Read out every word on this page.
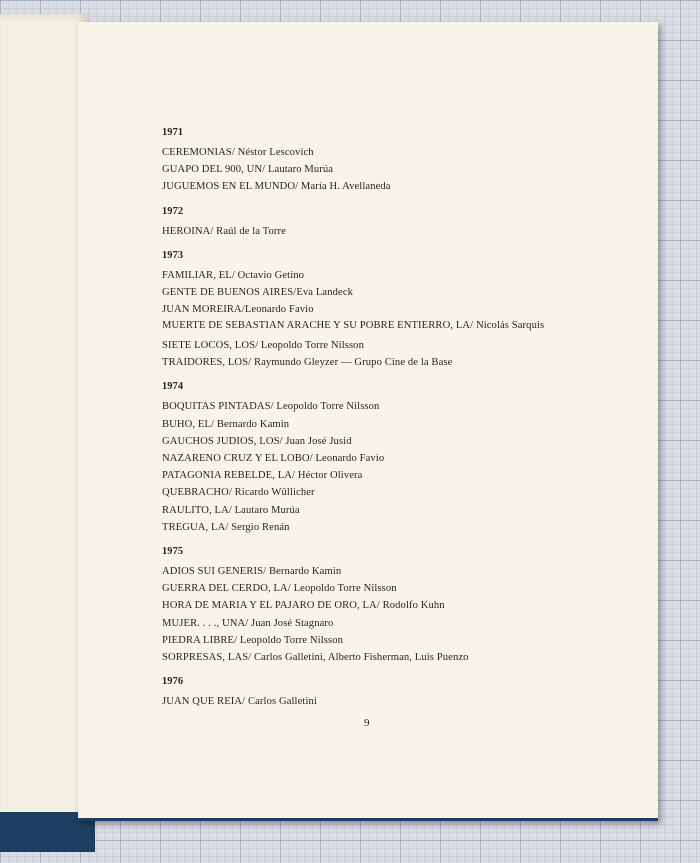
1971
CEREMONIAS/ Néstor Lescovich
GUAPO DEL 900, UN/ Lautaro Murúa
JUGUEMOS EN EL MUNDO/ María H. Avellaneda
1972
HEROINA/ Raúl de la Torre
1973
FAMILIAR, EL/ Octavio Getino
GENTE DE BUENOS AIRES/Eva Landeck
JUAN MOREIRA/Leonardo Favio
MUERTE DE SEBASTIAN ARACHE Y SU POBRE ENTIERRO, LA/ Nicolás Sarquis
SIETE LOCOS, LOS/ Leopoldo Torre Nilsson
TRAIDORES, LOS/ Raymundo Gleyzer — Grupo Cine de la Base
1974
BOQUITAS PINTADAS/ Leopoldo Torre Nilsson
BUHO, EL/ Bernardo Kamin
GAUCHOS JUDIOS, LOS/ Juan José Jusid
NAZARENO CRUZ Y EL LOBO/ Leonardo Favio
PATAGONIA REBELDE, LA/ Héctor Olivera
QUEBRACHO/ Ricardo Wüllicher
RAULITO, LA/ Lautaro Murúa
TREGUA, LA/ Sergio Renán
1975
ADIOS SUI GENERIS/ Bernardo Kamin
GUERRA DEL CERDO, LA/ Leopoldo Torre Nilsson
HORA DE MARIA Y EL PAJARO DE ORO, LA/ Rodolfo Kuhn
MUJER. . . ., UNA/ Juan José Stagnaro
PIEDRA LIBRE/ Leopoldo Torre Nilsson
SORPRESAS, LAS/ Carlos Galletini, Alberto Fisherman, Luis Puenzo
1976
JUAN QUE REIA/ Carlos Galletini
9
